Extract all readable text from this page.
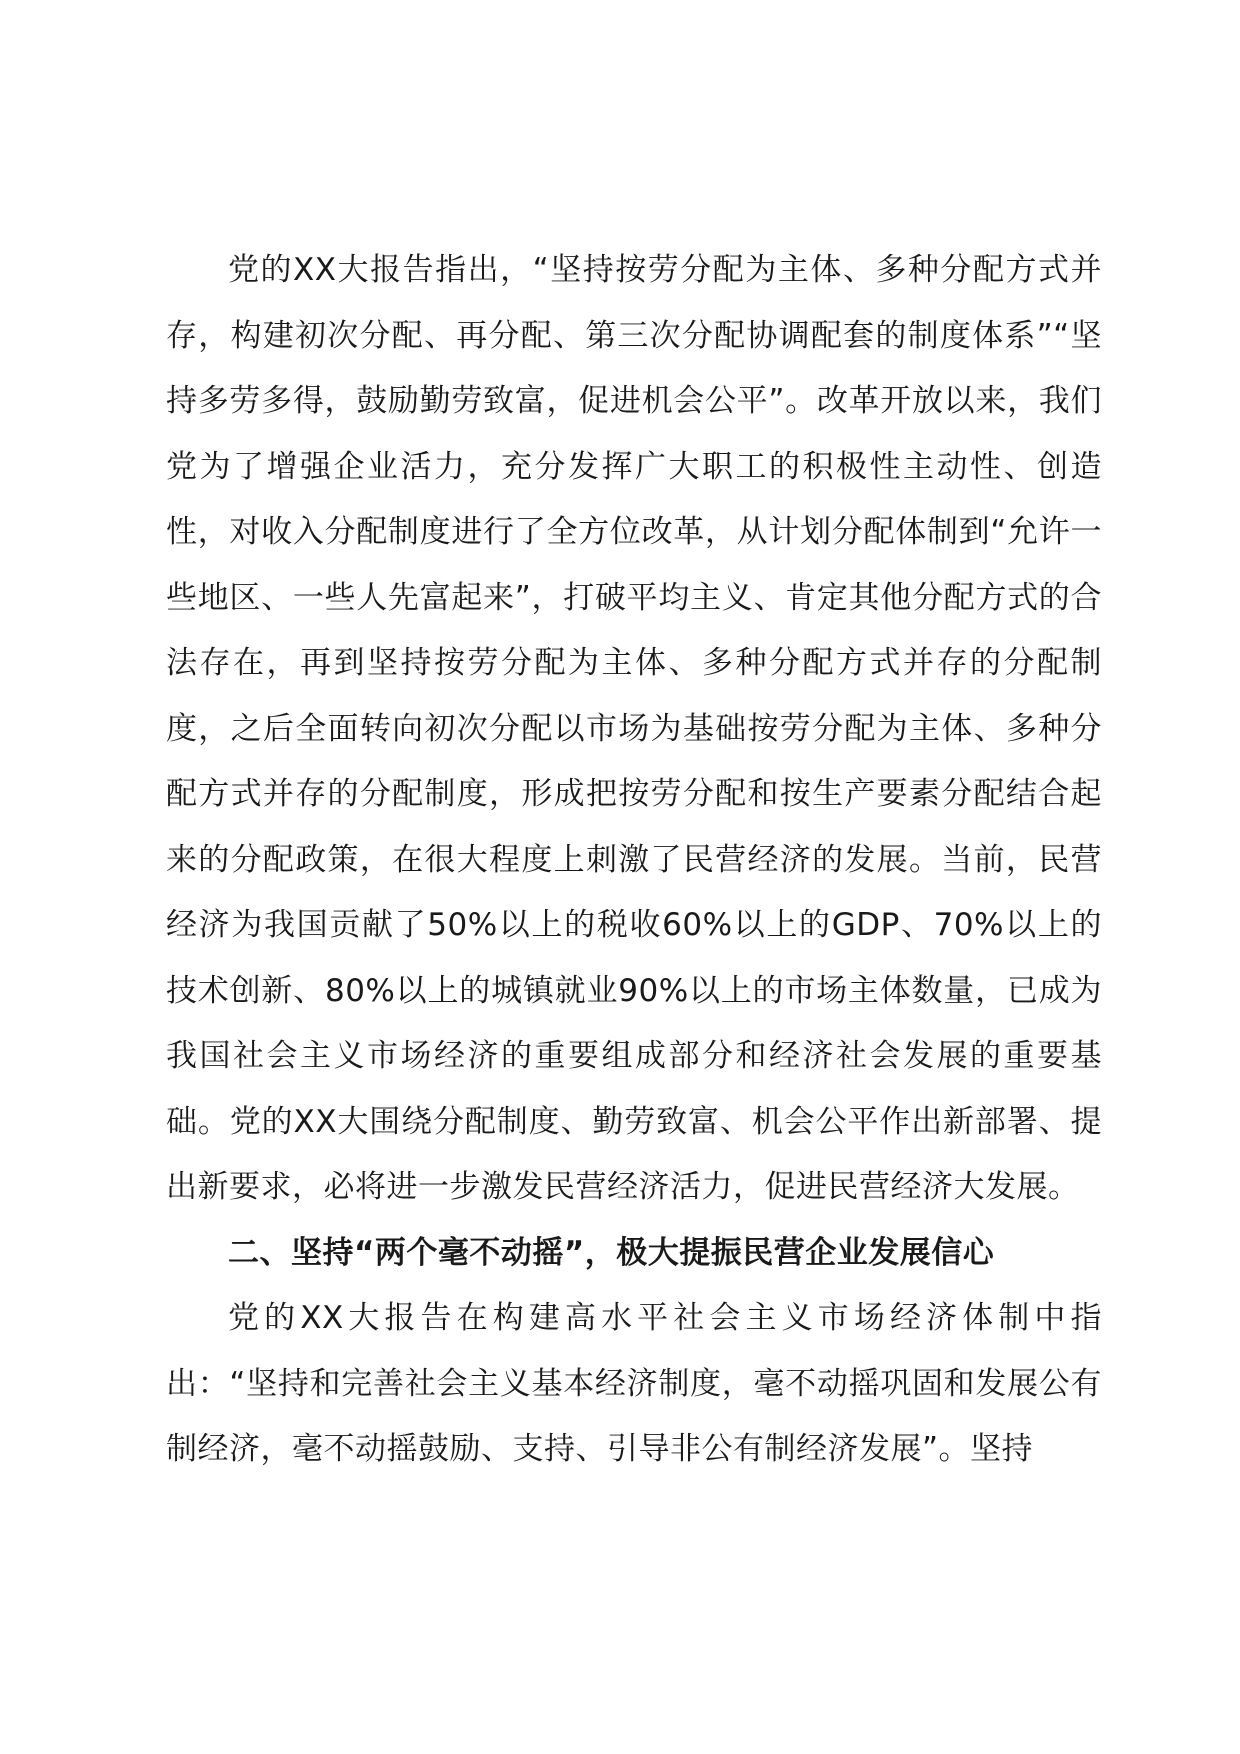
党的XX大报告指出，“坚持按劳分配为主体、多种分配方式并存，构建初次分配、再分配、第三次分配协调配套的制度体系”“坚持多劳多得，鼓励勤劳致富，促进机会公平”。改革开放以来，我们党为了增强企业活力，充分发挥广大职工的积极性主动性、创造性，对收入分配制度进行了全方位改革，从计划分配体制到“允许一些地区、一些人先富起来”，打破平均主义、肯定其他分配方式的合法存在，再到坚持按劳分配为主体、多种分配方式并存的分配制度，之后全面转向初次分配以市场为基础按劳分配为主体、多种分配方式并存的分配制度，形成把按劳分配和按生产要素分配结合起来的分配政策，在很大程度上刺激了民营经济的发展。当前，民营经济为我国贡献了50%以上的税收60%以上的GDP、70%以上的技术创新、80%以上的城镇就业90%以上的市场主体数量，已成为我国社会主义市场经济的重要组成部分和经济社会发展的重要基础。党的XX大围绕分配制度、勤劳致富、机会公平作出新部署、提出新要求，必将进一步激发民营经济活力，促进民营经济大发展。

二、坚持“两个毫不动摇”，极大提振民营企业发展信心

党的XX大报告在构建高水平社会主义市场经济体制中指出：“坚持和完善社会主义基本经济制度，毫不动摇巩固和发展公有制经济，毫不动摇鼓励、支持、引导非公有制经济发展”。坚持
